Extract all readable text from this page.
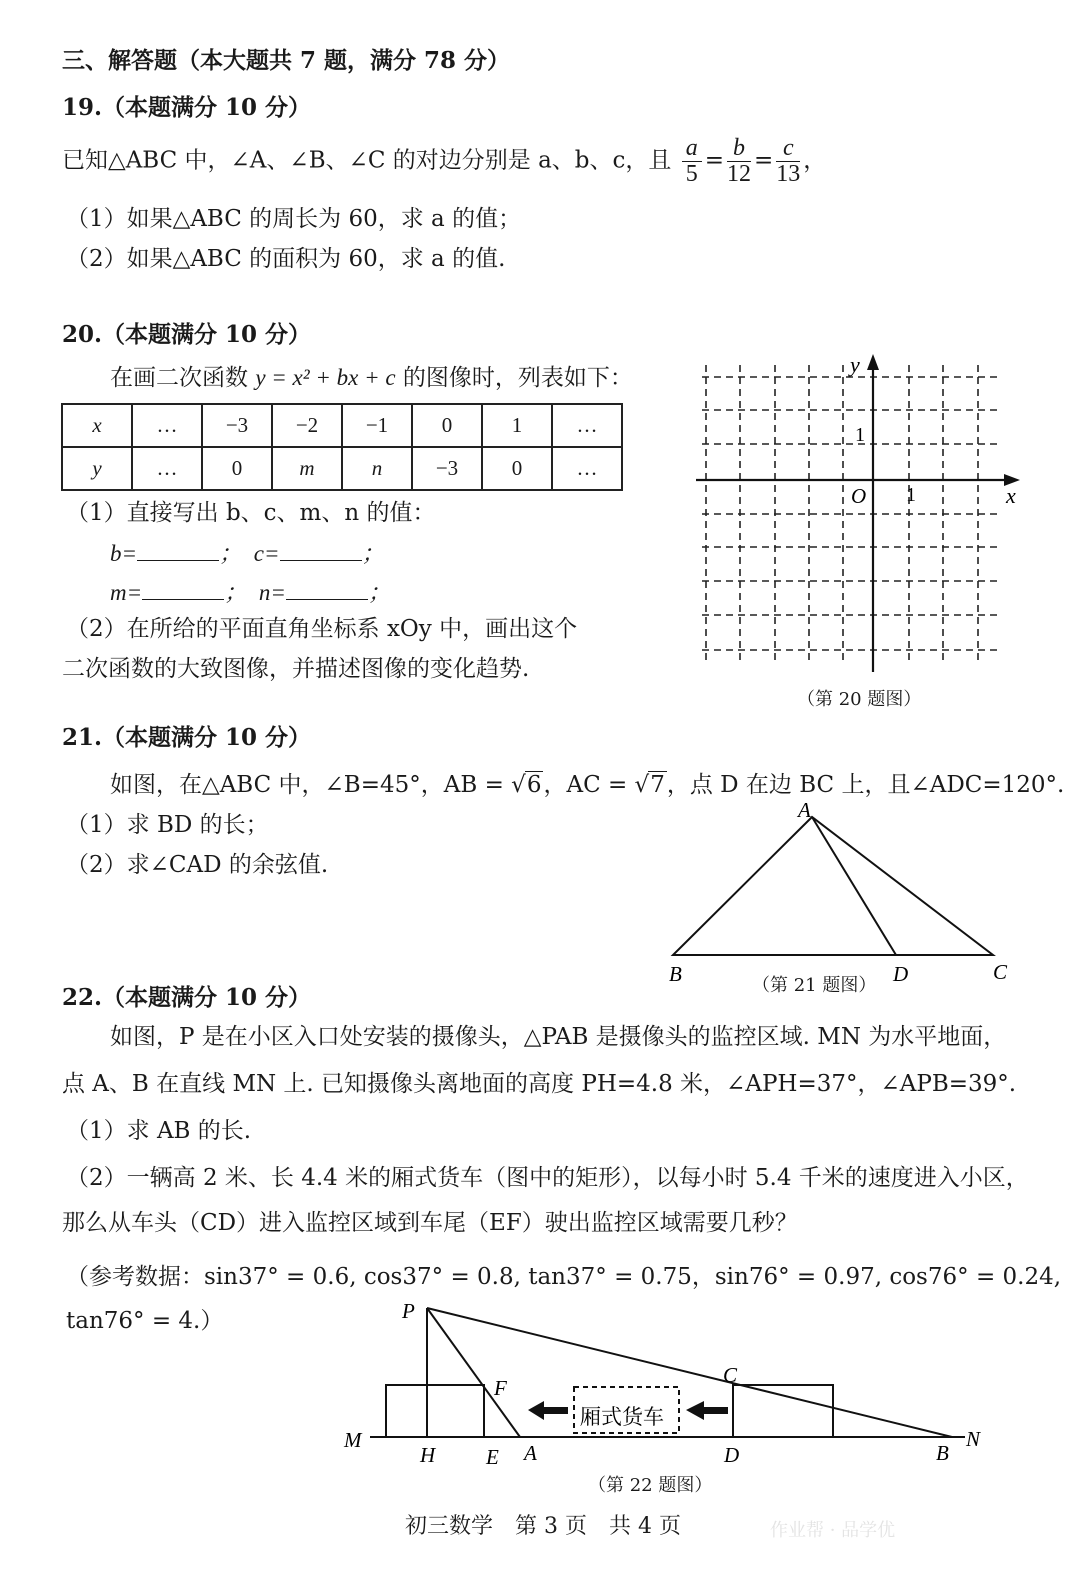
三、解答题（本大题共 7 题，满分 78 分）
19.（本题满分 10 分）
已知△ABC 中，∠A、∠B、∠C 的对边分别是 a、b、c，且 $\frac{a}{5} = \frac{b}{12} = \frac{c}{13}$ ，
（1）如果△ABC 的周长为 60，求 a 的值；
（2）如果△ABC 的面积为 60，求 a 的值.
20.（本题满分 10 分）
在画二次函数 y = x² + bx + c 的图像时，列表如下：
x	…	−3	−2	−1	0	1	…
y	…	0	m	n	−3	0	…
（1）直接写出 b、c、m、n 的值：
b=	； c=	；
m=	； n=	；
（2）在所给的平面直角坐标系 xOy 中，画出这个
二次函数的大致图像，并描述图像的变化趋势.
y
x
O 1
1
（第 20 题图）
21.（本题满分 10 分）
如图，在△ABC 中，∠B=45°，AB = √6，AC = √7，点 D 在边 BC 上，且∠ADC=120°.
（1）求 BD 的长；
（2）求∠CAD 的余弦值.
A
B	D	C
（第 21 题图）
22.（本题满分 10 分）
如图，P 是在小区入口处安装的摄像头，△PAB 是摄像头的监控区域. MN 为水平地面，
点 A、B 在直线 MN 上. 已知摄像头离地面的高度 PH=4.8 米，∠APH=37°，∠APB=39°.
（1）求 AB 的长.
（2）一辆高 2 米、长 4.4 米的厢式货车（图中的矩形），以每小时 5.4 千米的速度进入小区，
那么从车头（CD）进入监控区域到车尾（EF）驶出监控区域需要几秒？
（参考数据：sin37° = 0.6, cos37° = 0.8, tan37° = 0.75，sin76° = 0.97, cos76° = 0.24,
tan76° = 4.）
厢式货车
P
F
C
M
H E A	D	B
N
（第 22 题图）
初三数学　第 3 页　共 4 页	作业帮 · 品学优
